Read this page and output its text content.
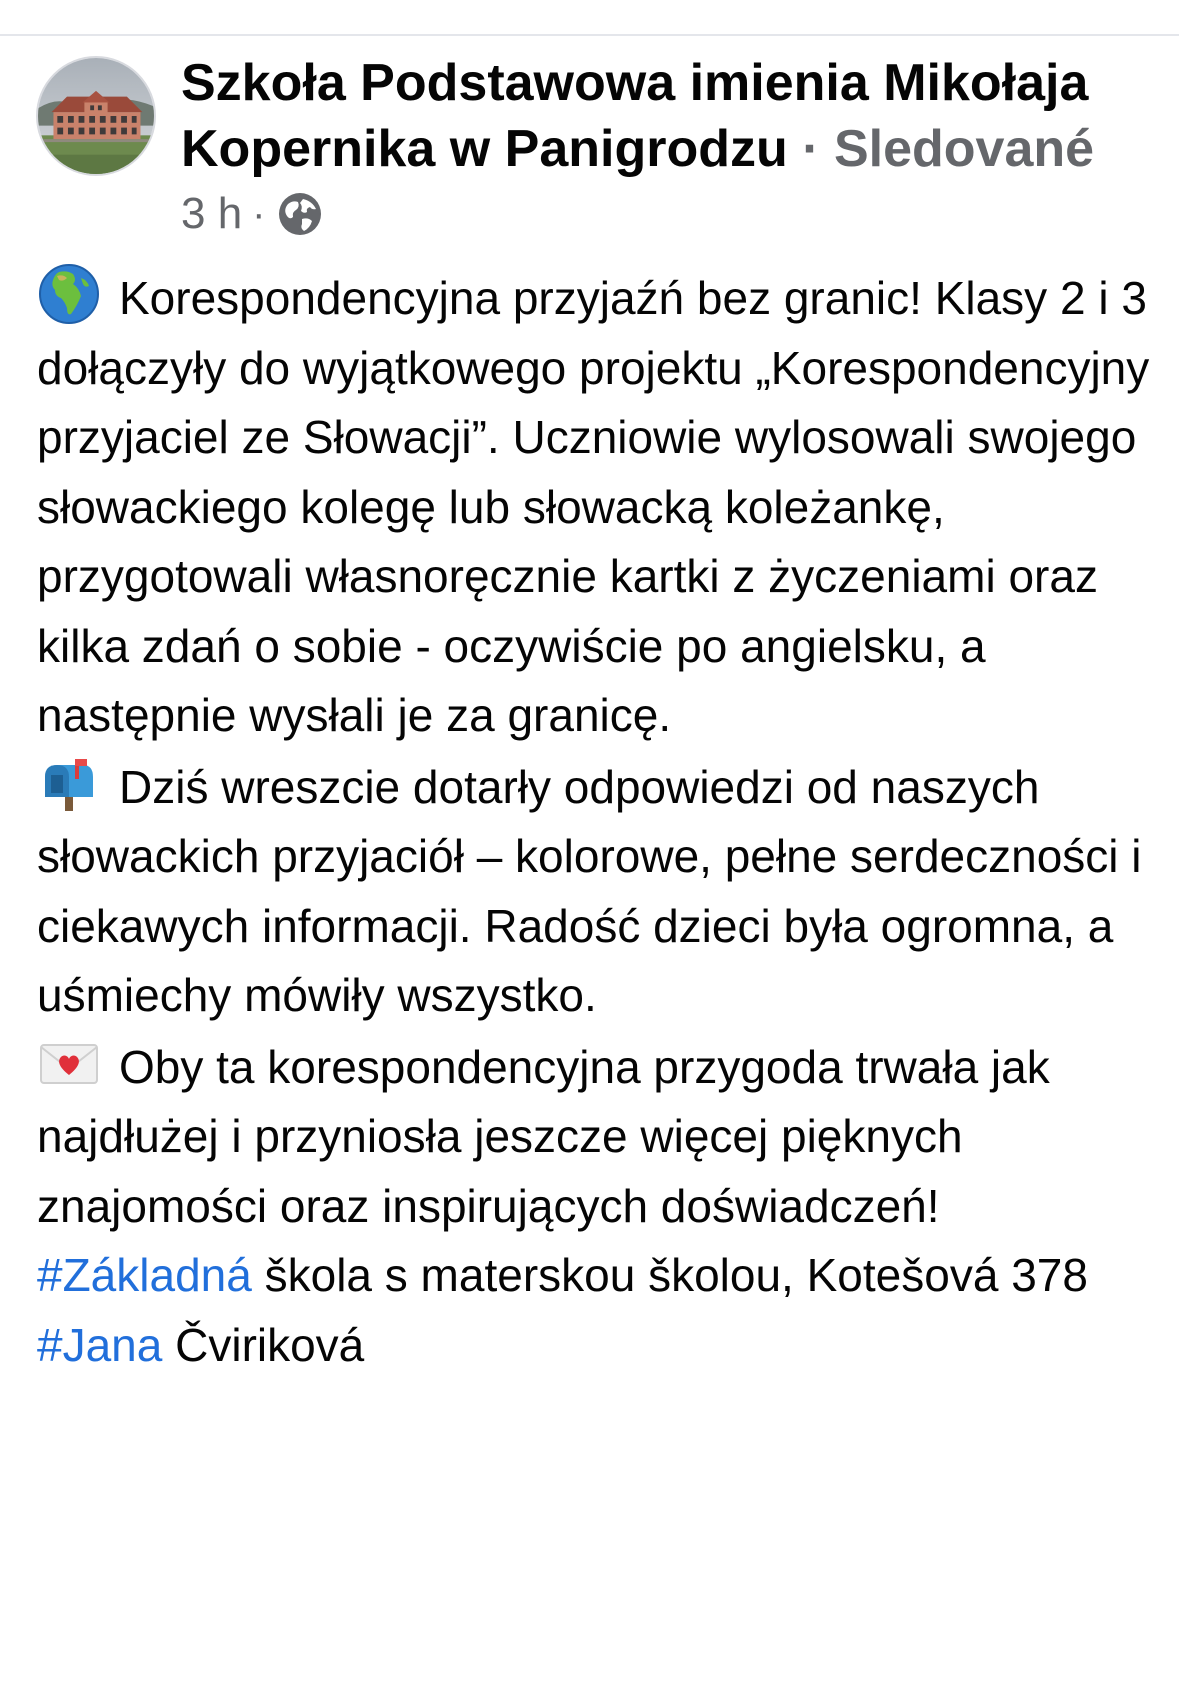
Szkoła Podstawowa imienia Mikołaja Kopernika w Panigrodzu · Sledované
3 h ·

Korespondencyjna przyjaźń bez granic! Klasy 2 i 3 dołączyły do wyjątkowego projektu „Korespondencyjny przyjaciel ze Słowacji”. Uczniowie wylosowali swojego słowackiego kolegę lub słowacką koleżankę, przygotowali własnoręcznie kartki z życzeniami oraz kilka zdań o sobie - oczywiście po angielsku, a następnie wysłali je za granicę.

Dziś wreszcie dotarły odpowiedzi od naszych słowackich przyjaciół – kolorowe, pełne serdeczności i ciekawych informacji. Radość dzieci była ogromna, a uśmiechy mówiły wszystko.

Oby ta korespondencyjna przygoda trwała jak najdłużej i przyniosła jeszcze więcej pięknych znajomości oraz inspirujących doświadczeń!

#Základná škola s materskou školou, Kotešová 378

#Jana Čviriková
